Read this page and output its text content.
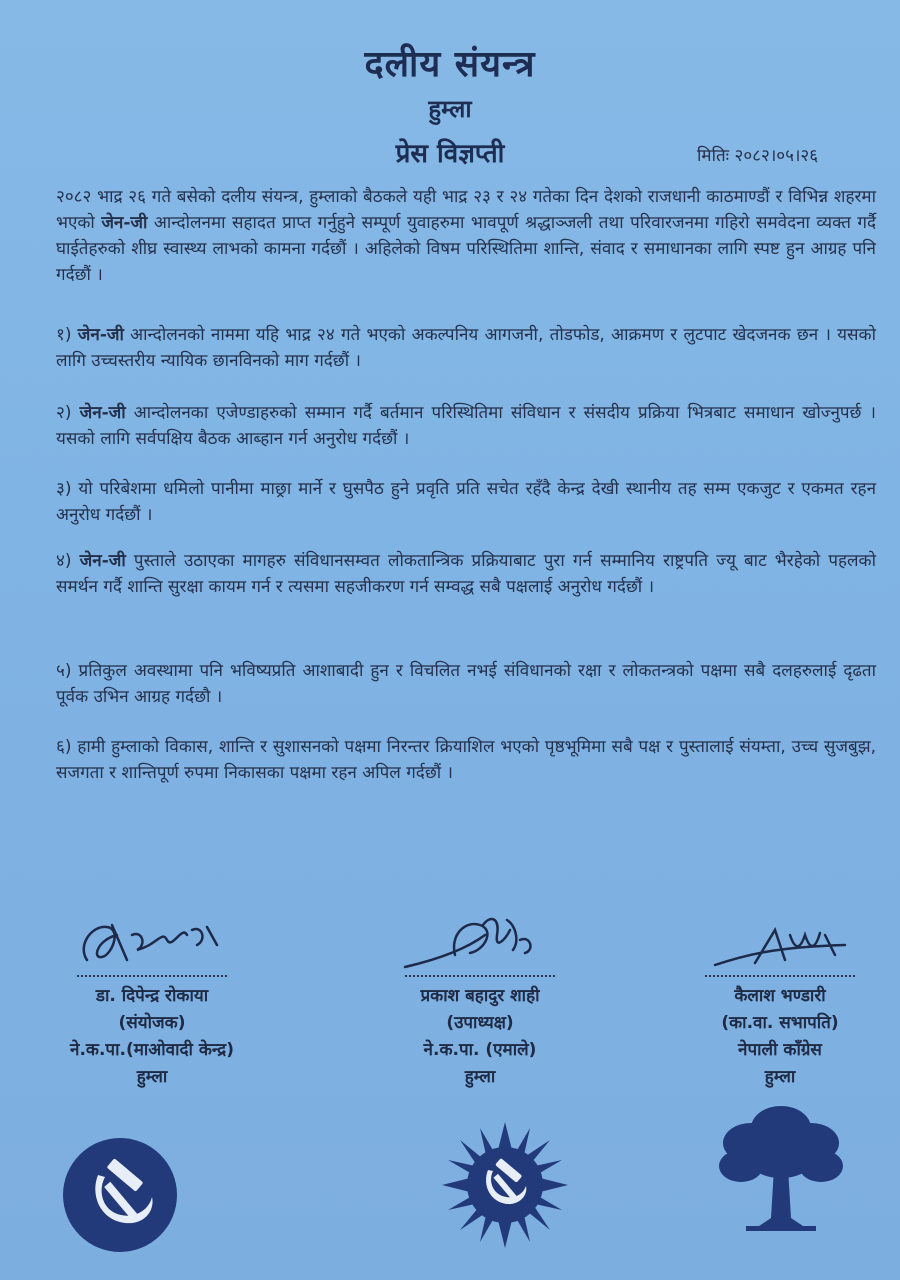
दलीय संयन्त्र
हुम्ला
प्रेस विज्ञप्ती	मितिः २०८२।०५।२६
२०८२ भाद्र २६ गते बसेको दलीय संयन्त्र, हुम्लाको बैठकले यही भाद्र २३ र २४ गतेका दिन देशको राजधानी काठमाण्डौं र विभिन्न शहरमा भएको जेन-जी आन्दोलनमा सहादत प्राप्त गर्नुहुने सम्पूर्ण युवाहरुमा भावपूर्ण श्रद्धाञ्जली तथा परिवारजनमा गहिरो समवेदना व्यक्त गर्दै घाईतेहरुको शीघ्र स्वास्थ्य लाभको कामना गर्दछौं । अहिलेको विषम परिस्थितिमा शान्ति, संवाद र समाधानका लागि स्पष्ट हुन आग्रह पनि गर्दछौं ।
१) जेन-जी आन्दोलनको नाममा यहि भाद्र २४ गते भएको अकल्पनिय आगजनी, तोडफोड, आक्रमण र लुटपाट खेदजनक छन । यसको लागि उच्चस्तरीय न्यायिक छानविनको माग गर्दछौं ।
२) जेन-जी आन्दोलनका एजेण्डाहरुको सम्मान गर्दै बर्तमान परिस्थितिमा संविधान र संसदीय प्रक्रिया भित्रबाट समाधान खोज्नुपर्छ । यसको लागि सर्वपक्षिय बैठक आब्हान गर्न अनुरोध गर्दछौं ।
३) यो परिबेशमा धमिलो पानीमा माछ्रा मार्ने र घुसपैठ हुने प्रवृति प्रति सचेत रहँदै केन्द्र देखी स्थानीय तह सम्म एकजुट र एकमत रहन अनुरोध गर्दछौं ।
४) जेन-जी पुस्ताले उठाएका मागहरु संविधानसम्वत लोकतान्त्रिक प्रक्रियाबाट पुरा गर्न सम्मानिय राष्ट्रपति ज्यू बाट भैरहेको पहलको समर्थन गर्दै शान्ति सुरक्षा कायम गर्न र त्यसमा सहजीकरण गर्न सम्वद्ध सबै पक्षलाई अनुरोध गर्दछौं ।
५) प्रतिकुल अवस्थामा पनि भविष्यप्रति आशाबादी हुन र विचलित नभई संविधानको रक्षा र लोकतन्त्रको पक्षमा सबै दलहरुलाई दृढता पूर्वक उभिन आग्रह गर्दछौ ।
६) हामी हुम्लाको विकास, शान्ति र सुशासनको पक्षमा निरन्तर क्रियाशिल भएको पृष्ठभूमिमा सबै पक्ष र पुस्तालाई संयम्ता, उच्च सुजबुझ, सजगता र शान्तिपूर्ण रुपमा निकासका पक्षमा रहन अपिल गर्दछौं ।
डा. दिपेन्द्र रोकाया
(संयोजक)
ने.क.पा.(माओवादी केन्द्र)
हुम्ला
प्रकाश बहादुर शाही
(उपाध्यक्ष)
ने.क.पा. (एमाले)
हुम्ला
कैलाश भण्डारी
(का.वा. सभापति)
नेपाली काँग्रेस
हुम्ला
